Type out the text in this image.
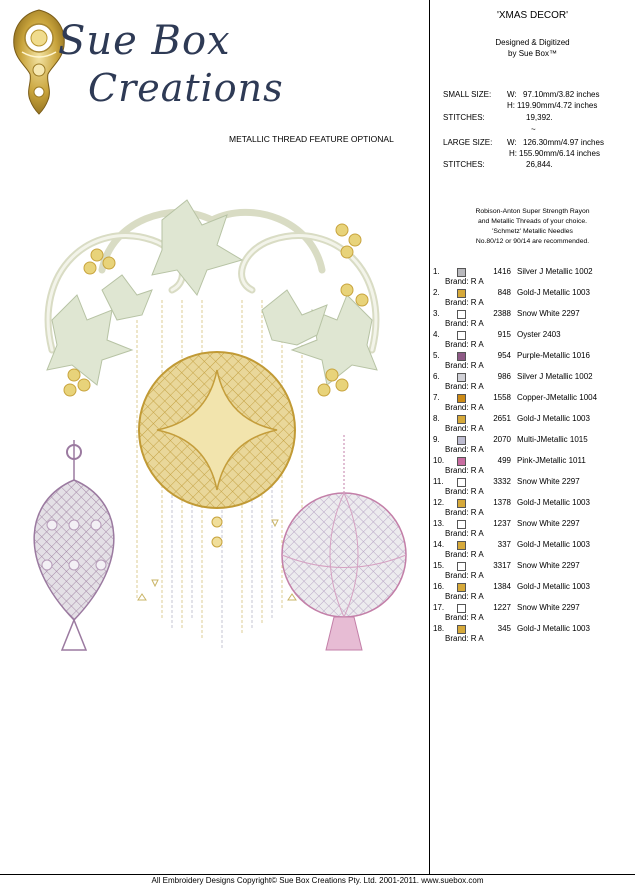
Sue Box
Creations
METALLIC THREAD FEATURE OPTIONAL
'XMAS DECOR'
Designed & Digitized
by Sue Box™
SMALL SIZE: W: 97.10mm/3.82 inches
H: 119.90mm/4.72 inches
STITCHES:	19,392.
~
LARGE SIZE: W: 126.30mm/4.97 inches
H: 155.90mm/6.14 inches
STITCHES:	26,844.
Robison-Anton Super Strength Rayon
and Metallic Threads of your choice.
'Schmetz' Metallic Needles
No.80/12 or 90/14 are recommended.
1.	1416 Silver J Metallic 1002
Brand: R A
2.	848 Gold-J Metallic 1003
Brand: R A
3.	2388 Snow White 2297
Brand: R A
4.	915 Oyster 2403
Brand: R A
5.	954 Purple-Metallic 1016
Brand: R A
6.	986 Silver J Metallic 1002
Brand: R A
7.	1558 Copper-JMetallic 1004
Brand: R A
8.	2651 Gold-J Metallic 1003
Brand: R A
9.	2070 Multi-JMetallic 1015
Brand: R A
10.	499 Pink-JMetallic 1011
Brand: R A
11.	3332 Snow White 2297
Brand: R A
12.	1378 Gold-J Metallic 1003
Brand: R A
13.	1237 Snow White 2297
Brand: R A
14.	337 Gold-J Metallic 1003
Brand: R A
15.	3317 Snow White 2297
Brand: R A
16.	1384 Gold-J Metallic 1003
Brand: R A
17.	1227 Snow White 2297
Brand: R A
18.	345 Gold-J Metallic 1003
Brand: R A
All Embroidery Designs Copyright© Sue Box Creations Pty. Ltd. 2001-2011. www.suebox.com
